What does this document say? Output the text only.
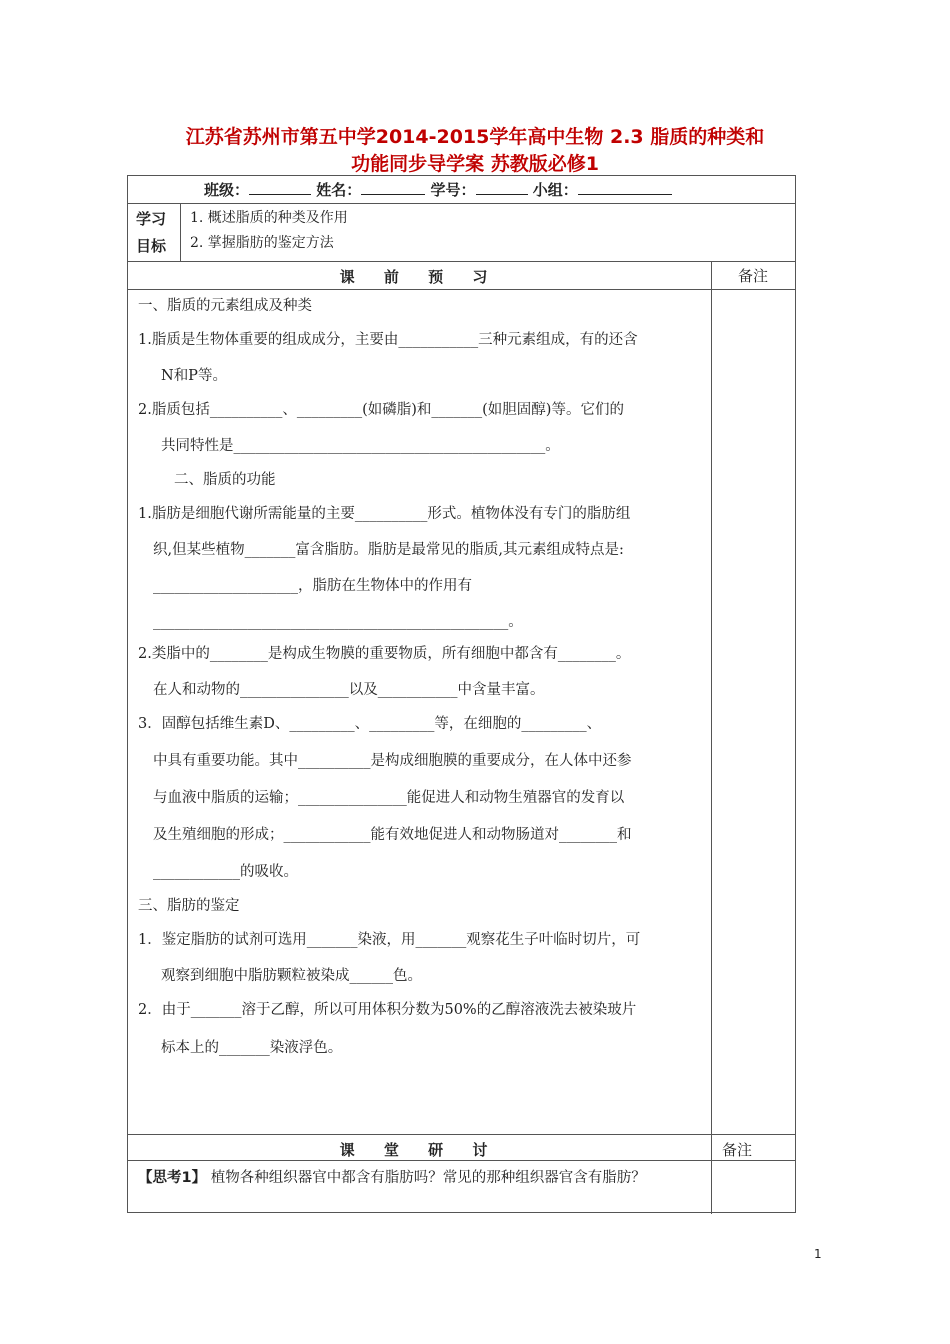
江苏省苏州市第五中学2014-2015学年高中生物 2.3 脂质的种类和
功能同步导学案 苏教版必修1
班级：	姓名：	学号：	小组：
学习
目标
1. 概述脂质的种类及作用
2. 掌握脂肪的鉴定方法
课 前 预 习	备注
一、脂质的元素组成及种类
1.脂质是生物体重要的组成成分，主要由___________三种元素组成，有的还含
N和P等。
2.脂质包括__________、_________(如磷脂)和_______(如胆固醇)等。它们的
共同特性是___________________________________________。
二、脂质的功能
1.脂肪是细胞代谢所需能量的主要__________形式。植物体没有专门的脂肪组
织,但某些植物_______富含脂肪。脂肪是最常见的脂质,其元素组成特点是:
____________________，脂肪在生物体中的作用有
_________________________________________________。
2.类脂中的________是构成生物膜的重要物质，所有细胞中都含有________。
在人和动物的_______________以及___________中含量丰富。
3．固醇包括维生素D、_________、_________等，在细胞的_________、
中具有重要功能。其中__________是构成细胞膜的重要成分，在人体中还参
与血液中脂质的运输；_______________能促进人和动物生殖器官的发育以
及生殖细胞的形成；____________能有效地促进人和动物肠道对________和
____________的吸收。
三、脂肪的鉴定
1．鉴定脂肪的试剂可选用_______染液，用_______观察花生子叶临时切片，可
观察到细胞中脂肪颗粒被染成______色。
2．由于_______溶于乙醇，所以可用体积分数为50%的乙醇溶液洗去被染玻片
标本上的_______染液浮色。
课 堂 研 讨	备注
【思考1】 植物各种组织器官中都含有脂肪吗？常见的那种组织器官含有脂肪？
1
